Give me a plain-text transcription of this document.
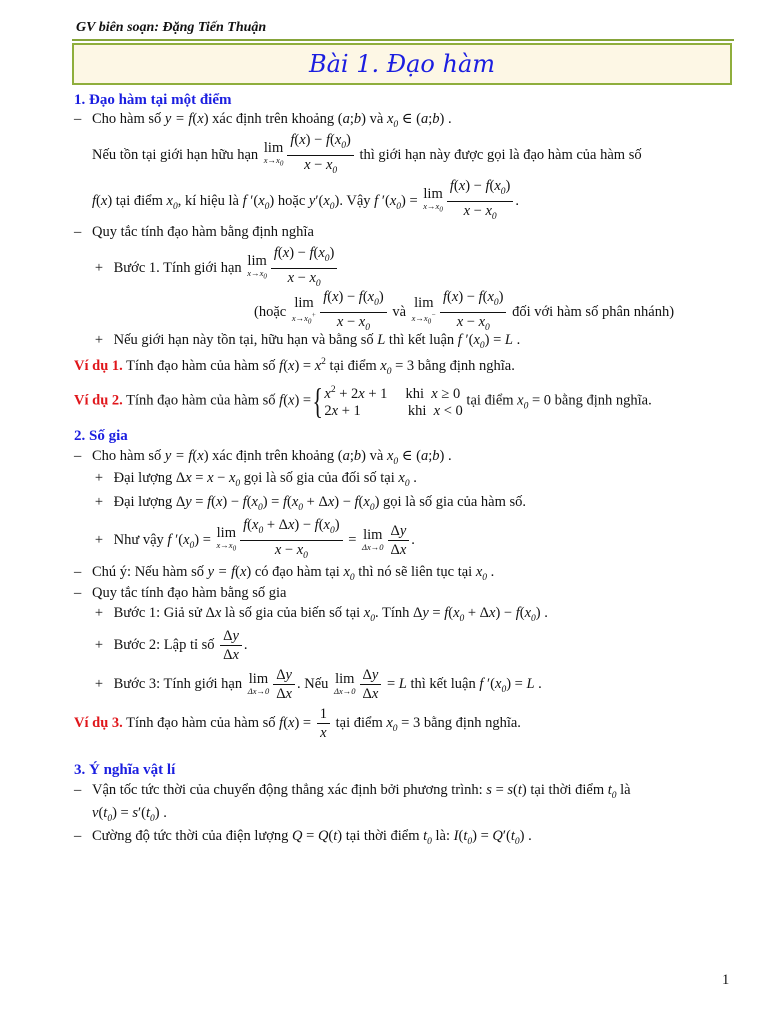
GV biên soạn: Đặng Tiến Thuận
Bài 1. Đạo hàm
1. Đạo hàm tại một điểm
– Cho hàm số y = f(x) xác định trên khoảng (a;b) và $x_0$ ∈ (a;b) .
Nếu tồn tại giới hạn hữu hạn lim
$x\to x_0 \frac{f(x) - f(x_0)}{x - x_0}$ thì giới hạn này được gọi là đạo hàm của hàm số
f(x) tại điểm $x_0$, kí hiệu là f $'(x_0)$ hoặc $y'(x_0)$. Vậy f $'(x_0) = \lim$
$x\to x_0 \frac{f(x) - f(x_0)}{x - x_0}$ .
– Quy tắc tính đạo hàm bằng định nghĩa
+ Bước 1. Tính giới hạn lim
$x\to x_0 \frac{f(x) - f(x_0)}{x - x_0}$
(hoặc
lim
$x\to x_0^+ \frac{f(x) - f(x_0)}{x - x_0}$ và
lim
$x\to x_0^- \frac{f(x) - f(x_0)}{x - x_0}$ đối với hàm số phân nhánh)
+ Nếu giới hạn này tồn tại, hữu hạn và bằng số L thì kết luận f $'(x_0) = L$ .
Ví dụ 1. Tính đạo hàm của hàm số $f(x) = x^2$ tại điểm $x_0 = 3$ bằng định nghĩa.
Ví dụ 2. Tính đạo hàm của hàm số f(x) ={ $x^2 + 2x + 1$     khi x ≥ 0
2x + 1             khi x < 0
tại điểm $x_0 = 0$ bằng định nghĩa.
2. Số gia
– Cho hàm số y = f(x) xác định trên khoảng (a;b) và $x_0$ ∈ (a;b) .
+ Đại lượng $\Delta x = x - x_0$ gọi là số gia của đối số tại $x_0$ .
+ Đại lượng $\Delta y = f(x) - f(x_0) = f(x_0 + \Delta x) - f(x_0)$ gọi là số gia của hàm số.
+ Như vậy f $'(x_0) = \lim$
$x\to x_0 \frac{f(x_0 + \Delta x) - f(x_0)}{x - x_0} = \lim$
$\Delta x\to 0 \frac{\Delta y}{\Delta x}$ .
– Chú ý: Nếu hàm số y = f(x) có đạo hàm tại $x_0$ thì nó sẽ liên tục tại $x_0$ .
– Quy tắc tính đạo hàm bằng số gia
+ Bước 1: Giả sử Δx là số gia của biến số tại $x_0$. Tính $\Delta y = f(x_0 + \Delta x) - f(x_0)$ .
+ Bước 2: Lập tỉ số $\frac{\Delta y}{\Delta x}$ .
+ Bước 3: Tính giới hạn lim
$\Delta x\to 0 \frac{\Delta y}{\Delta x}$ . Nếu lim
$\Delta x\to 0 \frac{\Delta y}{\Delta x} = L$ thì kết luận f $'(x_0) = L$ .
Ví dụ 3. Tính đạo hàm của hàm số $f(x) = \frac{1}{x}$ tại điểm $x_0 = 3$ bằng định nghĩa.
3. Ý nghĩa vật lí
– Vận tốc tức thời của chuyển động thẳng xác định bởi phương trình: s = s(t) tại thời điểm $t_0$ là
$v(t_0) = s'(t_0)$ .
– Cường độ tức thời của điện lượng Q = Q(t) tại thời điểm $t_0$ là: $I(t_0) = Q'(t_0)$ .
1
